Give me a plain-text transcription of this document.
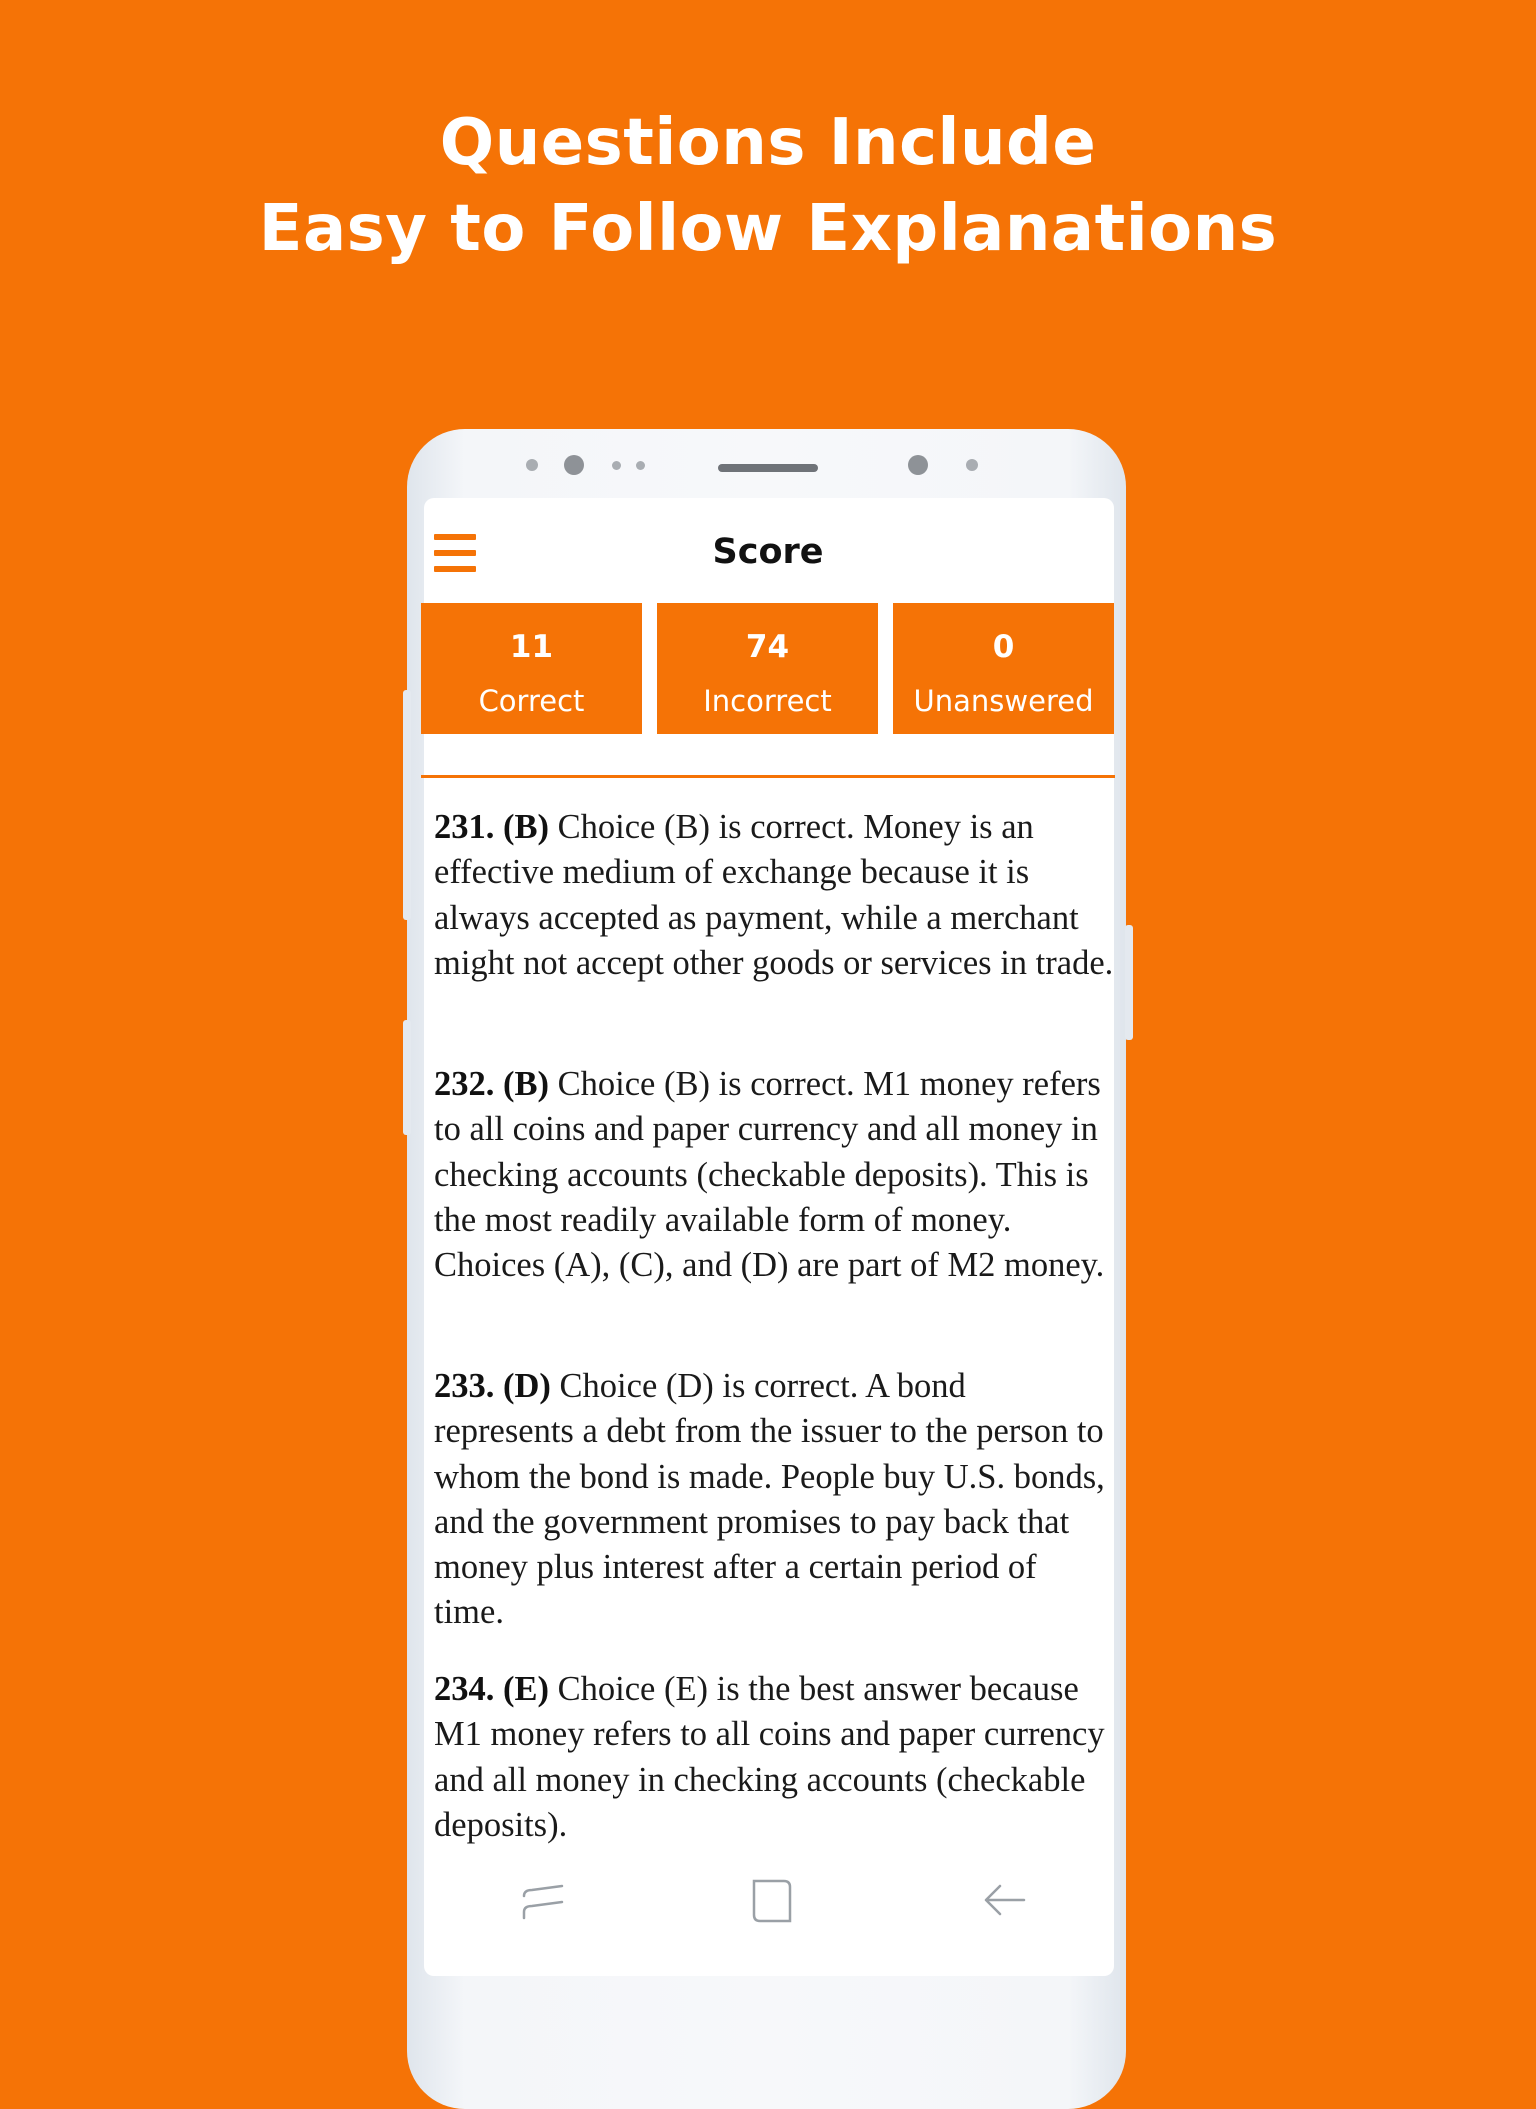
Questions Include
Easy to Follow Explanations
Score
11
Correct
74
Incorrect
0
Unanswered
231. (B) Choice (B) is correct. Money is an effective medium of exchange because it is always accepted as payment, while a merchant might not accept other goods or services in trade.
232. (B) Choice (B) is correct. M1 money refers to all coins and paper currency and all money in checking accounts (checkable deposits). This is the most readily available form of money. Choices (A), (C), and (D) are part of M2 money.
233. (D) Choice (D) is correct. A bond represents a debt from the issuer to the person to whom the bond is made. People buy U.S. bonds, and the government promises to pay back that money plus interest after a certain period of time.
234. (E) Choice (E) is the best answer because M1 money refers to all coins and paper currency and all money in checking accounts (checkable deposits).
